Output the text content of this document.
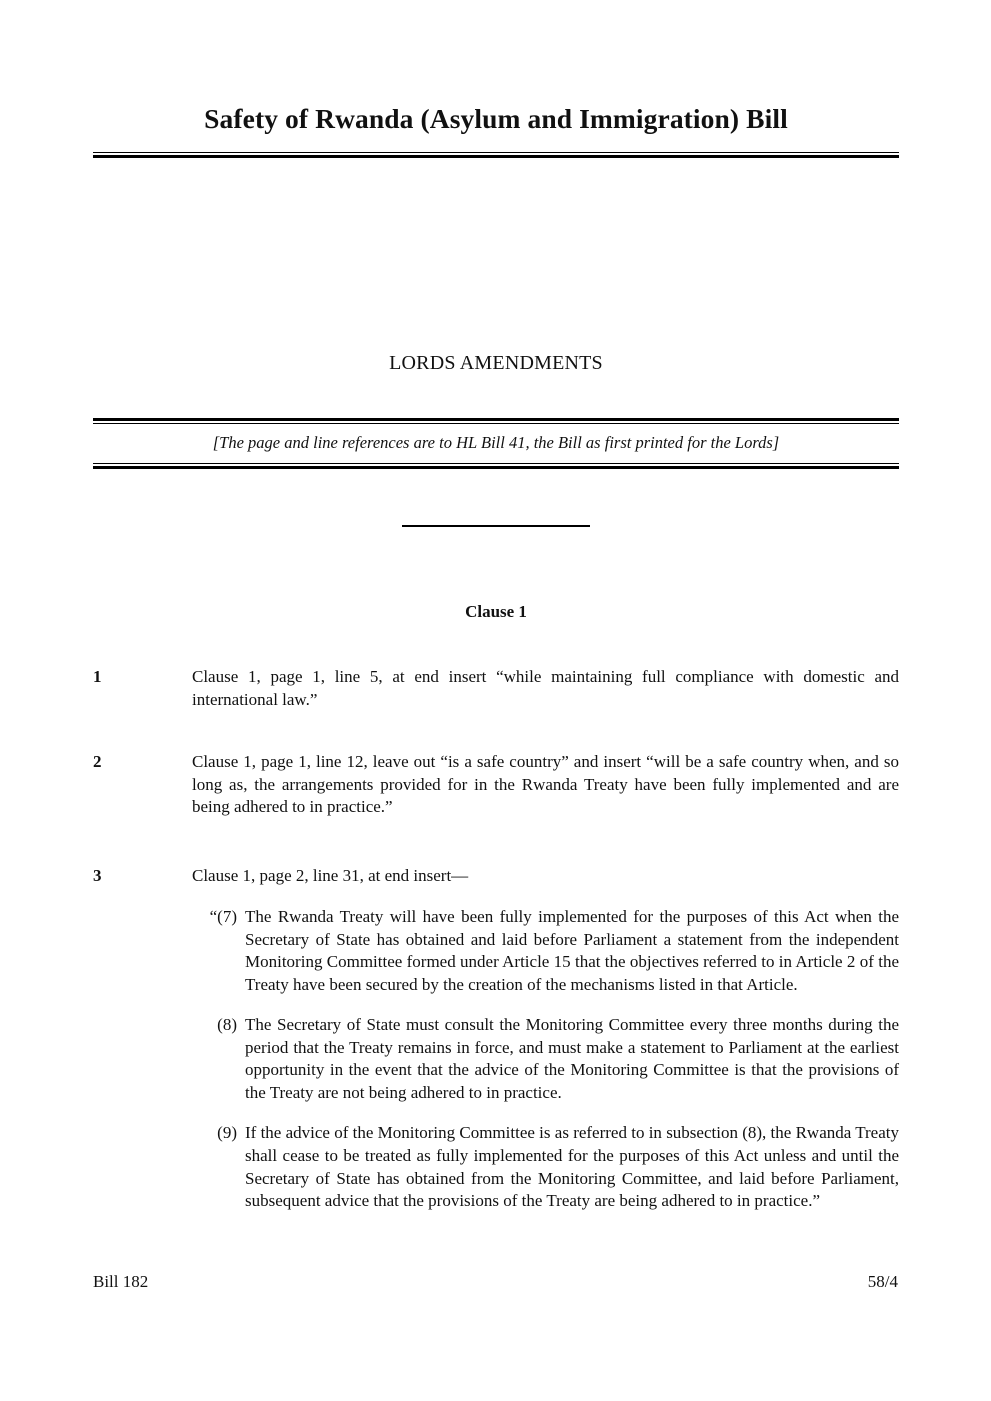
Safety of Rwanda (Asylum and Immigration) Bill
LORDS AMENDMENTS
[The page and line references are to HL Bill 41, the Bill as first printed for the Lords]
Clause 1
1	Clause 1, page 1, line 5, at end insert “while maintaining full compliance with domestic and international law.”
2	Clause 1, page 1, line 12, leave out “is a safe country” and insert “will be a safe country when, and so long as, the arrangements provided for in the Rwanda Treaty have been fully implemented and are being adhered to in practice.”
3	Clause 1, page 2, line 31, at end insert—
“(7) The Rwanda Treaty will have been fully implemented for the purposes of this Act when the Secretary of State has obtained and laid before Parliament a statement from the independent Monitoring Committee formed under Article 15 that the objectives referred to in Article 2 of the Treaty have been secured by the creation of the mechanisms listed in that Article.
(8) The Secretary of State must consult the Monitoring Committee every three months during the period that the Treaty remains in force, and must make a statement to Parliament at the earliest opportunity in the event that the advice of the Monitoring Committee is that the provisions of the Treaty are not being adhered to in practice.
(9) If the advice of the Monitoring Committee is as referred to in subsection (8), the Rwanda Treaty shall cease to be treated as fully implemented for the purposes of this Act unless and until the Secretary of State has obtained from the Monitoring Committee, and laid before Parliament, subsequent advice that the provisions of the Treaty are being adhered to in practice.”
Bill 182	58/4
